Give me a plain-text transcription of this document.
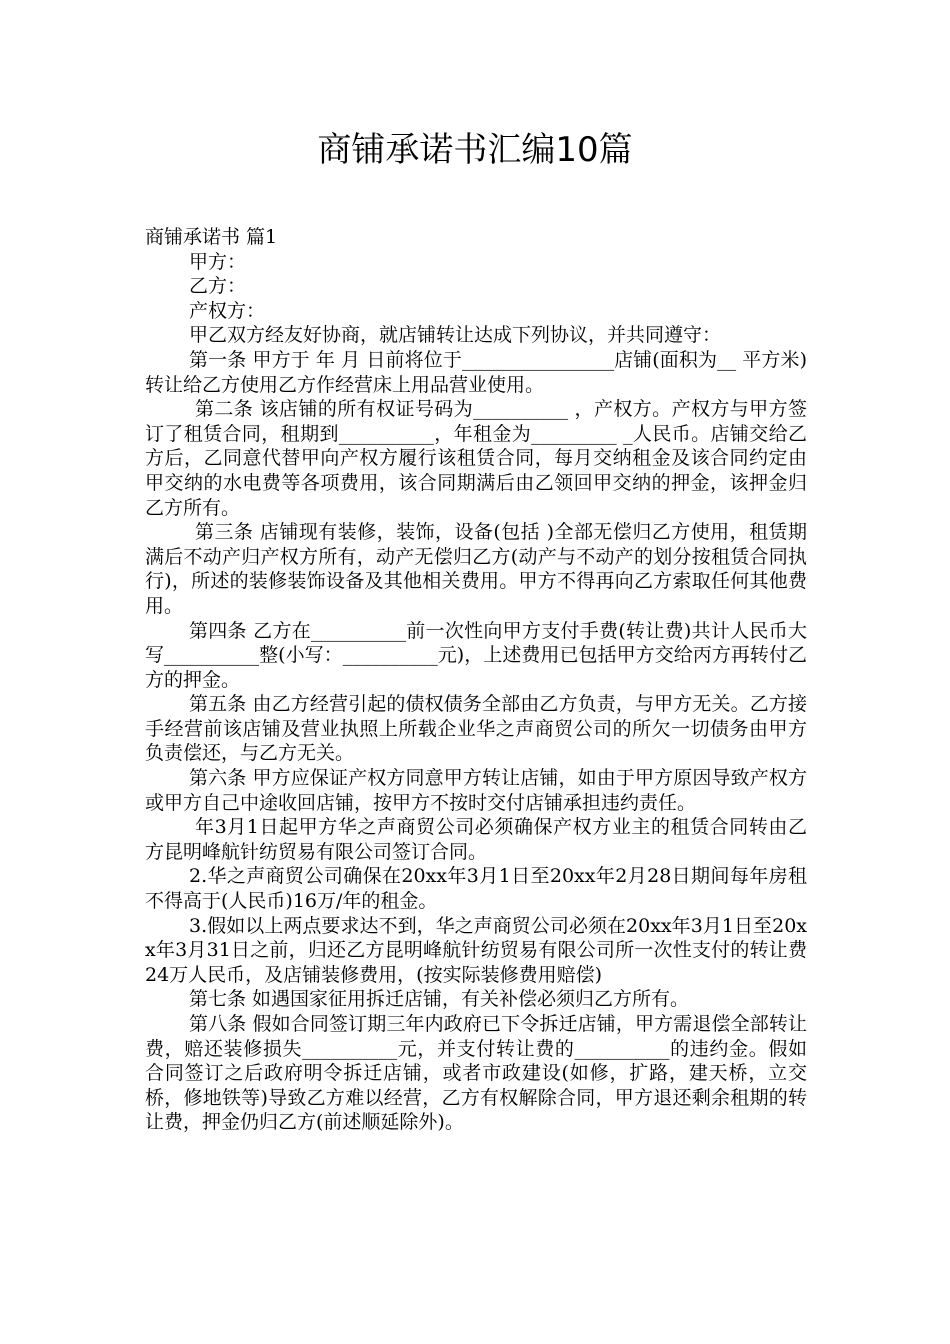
商铺承诺书汇编10篇

商铺承诺书 篇1

甲方：

乙方：

产权方：

甲乙双方经友好协商，就店铺转让达成下列协议，并共同遵守：

第一条 甲方于 年 月 日前将位于________________店铺(面积为__ 平方米)转让给乙方使用乙方作经营床上用品营业使用。

第二条 该店铺的所有权证号码为__________ ，产权方。产权方与甲方签订了租赁合同，租期到__________，年租金为_________ _人民币。店铺交给乙方后，乙同意代替甲向产权方履行该租赁合同，每月交纳租金及该合同约定由甲交纳的水电费等各项费用，该合同期满后由乙领回甲交纳的押金，该押金归乙方所有。

第三条 店铺现有装修，装饰，设备(包括 )全部无偿归乙方使用，租赁期满后不动产归产权方所有，动产无偿归乙方(动产与不动产的划分按租赁合同执行)，所述的装修装饰设备及其他相关费用。甲方不得再向乙方索取任何其他费用。

第四条 乙方在__________前一次性向甲方支付手费(转让费)共计人民币大写__________整(小写：__________元)，上述费用已包括甲方交给丙方再转付乙方的押金。

第五条 由乙方经营引起的债权债务全部由乙方负责，与甲方无关。乙方接手经营前该店铺及营业执照上所载企业华之声商贸公司的所欠一切债务由甲方负责偿还，与乙方无关。

第六条 甲方应保证产权方同意甲方转让店铺，如由于甲方原因导致产权方或甲方自己中途收回店铺，按甲方不按时交付店铺承担违约责任。

年3月1日起甲方华之声商贸公司必须确保产权方业主的租赁合同转由乙方昆明峰航针纺贸易有限公司签订合同。

2.华之声商贸公司确保在20xx年3月1日至20xx年2月28日期间每年房租不得高于(人民币)16万/年的租金。

3.假如以上两点要求达不到，华之声商贸公司必须在20xx年3月1日至20xx年3月31日之前，归还乙方昆明峰航针纺贸易有限公司所一次性支付的转让费24万人民币，及店铺装修费用，(按实际装修费用赔偿)

第七条 如遇国家征用拆迁店铺，有关补偿必须归乙方所有。

第八条 假如合同签订期三年内政府已下令拆迁店铺，甲方需退偿全部转让费，赔还装修损失__________元，并支付转让费的__________的违约金。假如合同签订之后政府明令拆迁店铺，或者市政建设(如修，扩路，建天桥，立交桥，修地铁等)导致乙方难以经营，乙方有权解除合同，甲方退还剩余租期的转让费，押金仍归乙方(前述顺延除外)。
